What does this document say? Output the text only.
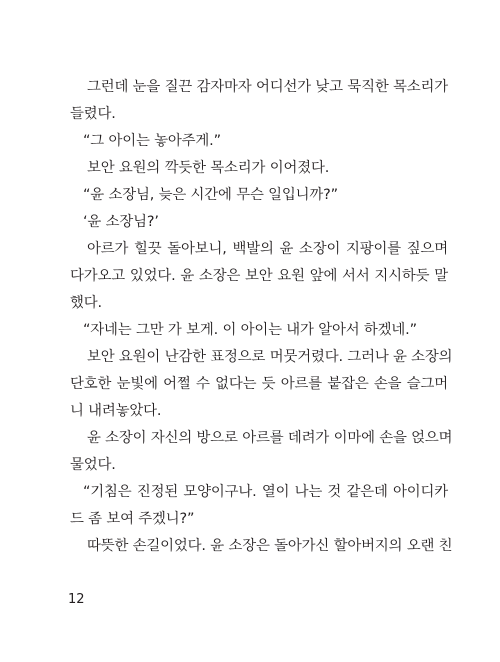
그런데 눈을 질끈 감자마자 어디선가 낮고 묵직한 목소리가
들렸다.
“그 아이는 놓아주게.”
보안 요원의 깍듯한 목소리가 이어졌다.
“윤 소장님, 늦은 시간에 무슨 일입니까?”
‘윤 소장님?’
아르가 힐끗 돌아보니, 백발의 윤 소장이 지팡이를 짚으며
다가오고 있었다. 윤 소장은 보안 요원 앞에 서서 지시하듯 말
했다.
“자네는 그만 가 보게. 이 아이는 내가 알아서 하겠네.”
보안 요원이 난감한 표정으로 머뭇거렸다. 그러나 윤 소장의
단호한 눈빛에 어쩔 수 없다는 듯 아르를 붙잡은 손을 슬그머
니 내려놓았다.
윤 소장이 자신의 방으로 아르를 데려가 이마에 손을 얹으며
물었다.
“기침은 진정된 모양이구나. 열이 나는 것 같은데 아이디카
드 좀 보여 주겠니?”
따뜻한 손길이었다. 윤 소장은 돌아가신 할아버지의 오랜 친
12
